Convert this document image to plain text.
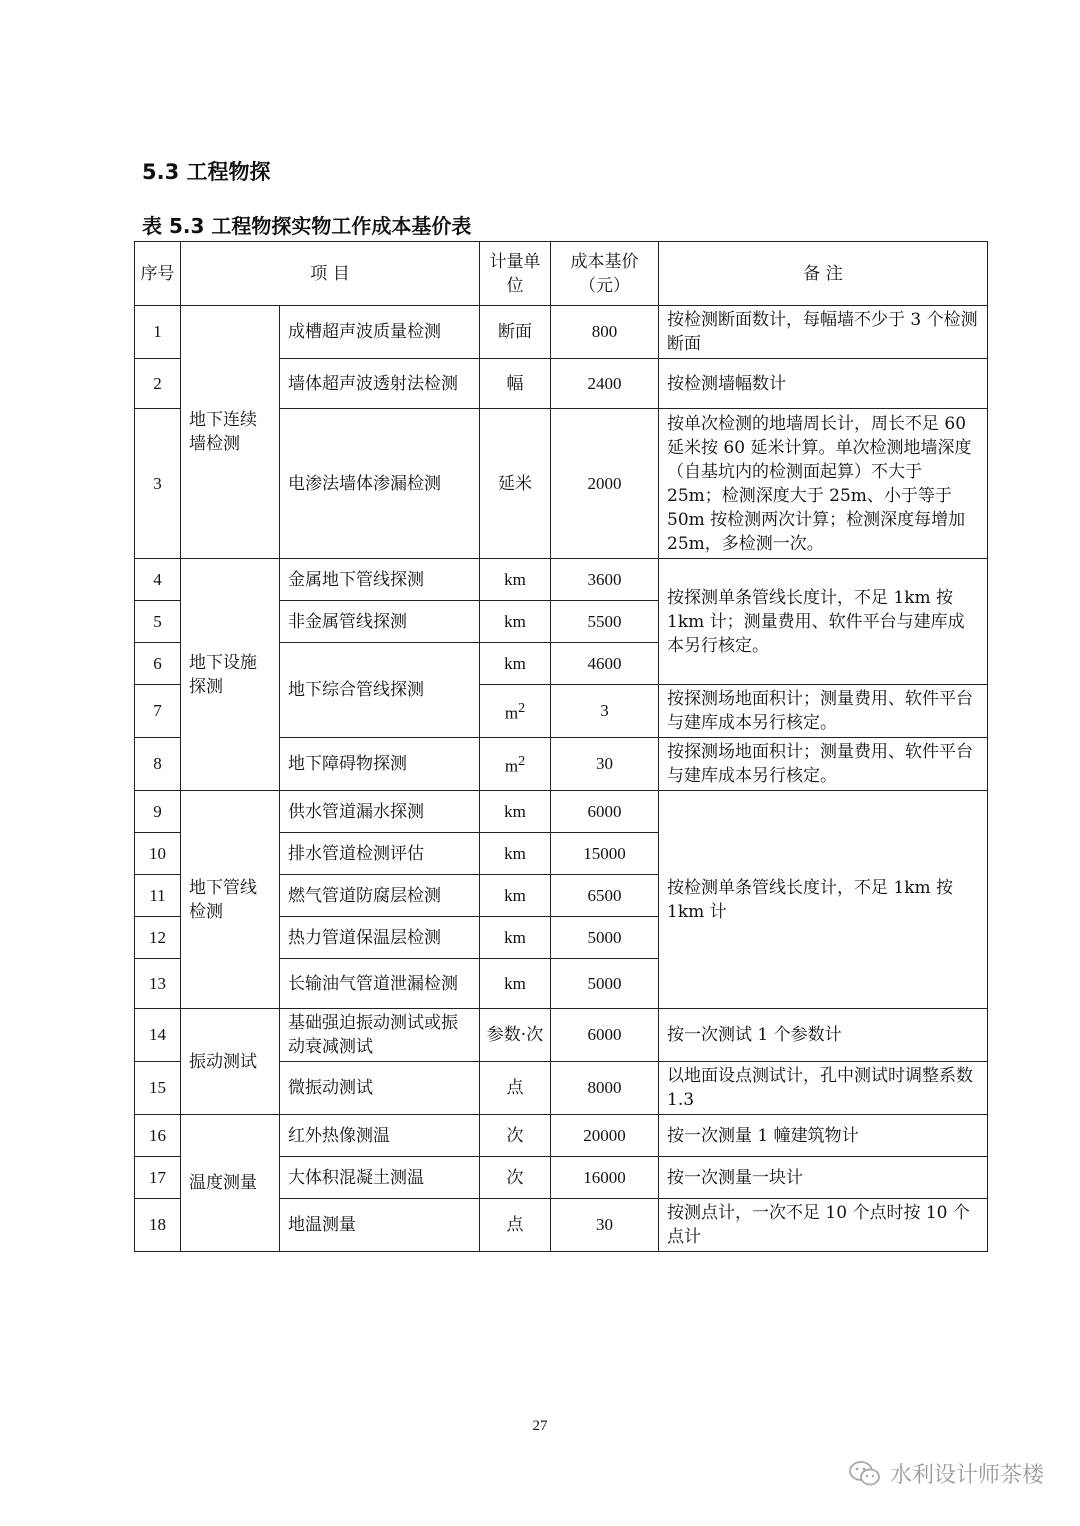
5.3 工程物探
表 5.3 工程物探实物工作成本基价表
序号	项 目		计量单位	成本基价（元）	备 注
1	地下连续墙检测	成槽超声波质量检测	断面	800	按检测断面数计，每幅墙不少于 3 个检测断面
2		墙体超声波透射法检测	幅	2400	按检测墙幅数计
3		电渗法墙体渗漏检测	延米	2000	按单次检测的地墙周长计，周长不足 60 延米按 60 延米计算。单次检测地墙深度（自基坑内的检测面起算）不大于 25m；检测深度大于 25m、小于等于 50m 按检测两次计算；检测深度每增加 25m，多检测一次。
4	地下设施探测	金属地下管线探测	km	3600	按探测单条管线长度计，不足 1km 按 1km 计；测量费用、软件平台与建库成本另行核定。
5		非金属管线探测	km	5500	
6		地下综合管线探测	km	4600	
7			$m^2$	3	按探测场地面积计；测量费用、软件平台与建库成本另行核定。
8		地下障碍物探测	$m^2$	30	按探测场地面积计；测量费用、软件平台与建库成本另行核定。
9	地下管线检测	供水管道漏水探测	km	6000	按检测单条管线长度计，不足 1km 按 1km 计
10		排水管道检测评估	km	15000	
11		燃气管道防腐层检测	km	6500	
12		热力管道保温层检测	km	5000	
13		长输油气管道泄漏检测	km	5000	
14	振动测试	基础强迫振动测试或振动衰减测试	参数·次	6000	按一次测试 1 个参数计
15		微振动测试	点	8000	以地面设点测试计，孔中测试时调整系数 1.3
16	温度测量	红外热像测温	次	20000	按一次测量 1 幢建筑物计
17		大体积混凝土测温	次	16000	按一次测量一块计
18		地温测量	点	30	按测点计，一次不足 10 个点时按 10 个点计
27
水利设计师茶楼
